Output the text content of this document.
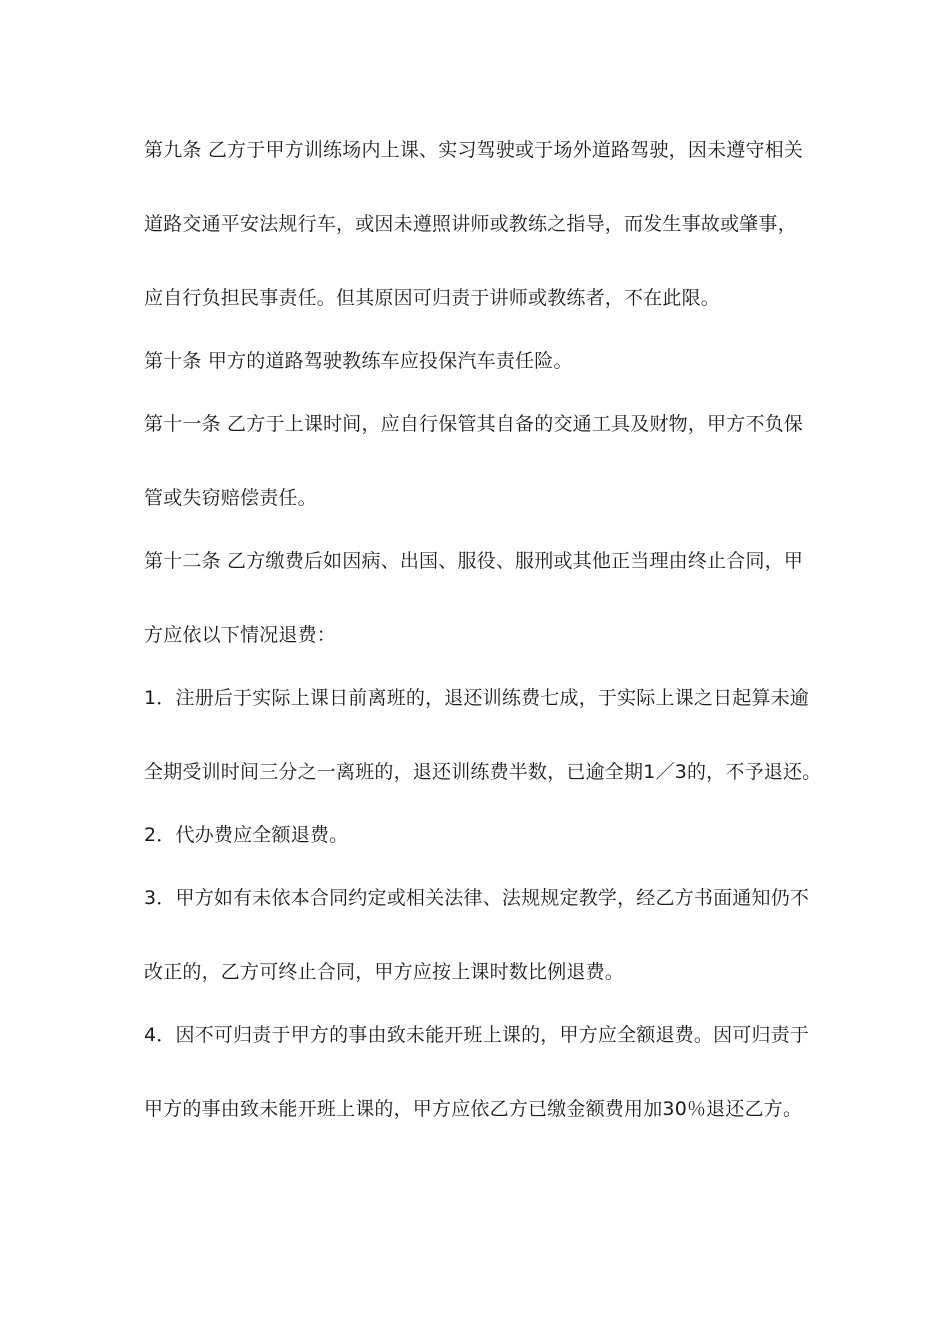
第九条 乙方于甲方训练场内上课、实习驾驶或于场外道路驾驶，因未遵守相关
道路交通平安法规行车，或因未遵照讲师或教练之指导，而发生事故或肇事，
应自行负担民事责任。但其原因可归责于讲师或教练者，不在此限。
第十条 甲方的道路驾驶教练车应投保汽车责任险。
第十一条 乙方于上课时间，应自行保管其自备的交通工具及财物，甲方不负保
管或失窃赔偿责任。
第十二条 乙方缴费后如因病、出国、服役、服刑或其他正当理由终止合同，甲
方应依以下情况退费：
1．注册后于实际上课日前离班的，退还训练费七成，于实际上课之日起算未逾
全期受训时间三分之一离班的，退还训练费半数，已逾全期1／3的，不予退还。
2．代办费应全额退费。
3．甲方如有未依本合同约定或相关法律、法规规定教学，经乙方书面通知仍不
改正的，乙方可终止合同，甲方应按上课时数比例退费。
4．因不可归责于甲方的事由致未能开班上课的，甲方应全额退费。因可归责于
甲方的事由致未能开班上课的，甲方应依乙方已缴金额费用加30％退还乙方。
